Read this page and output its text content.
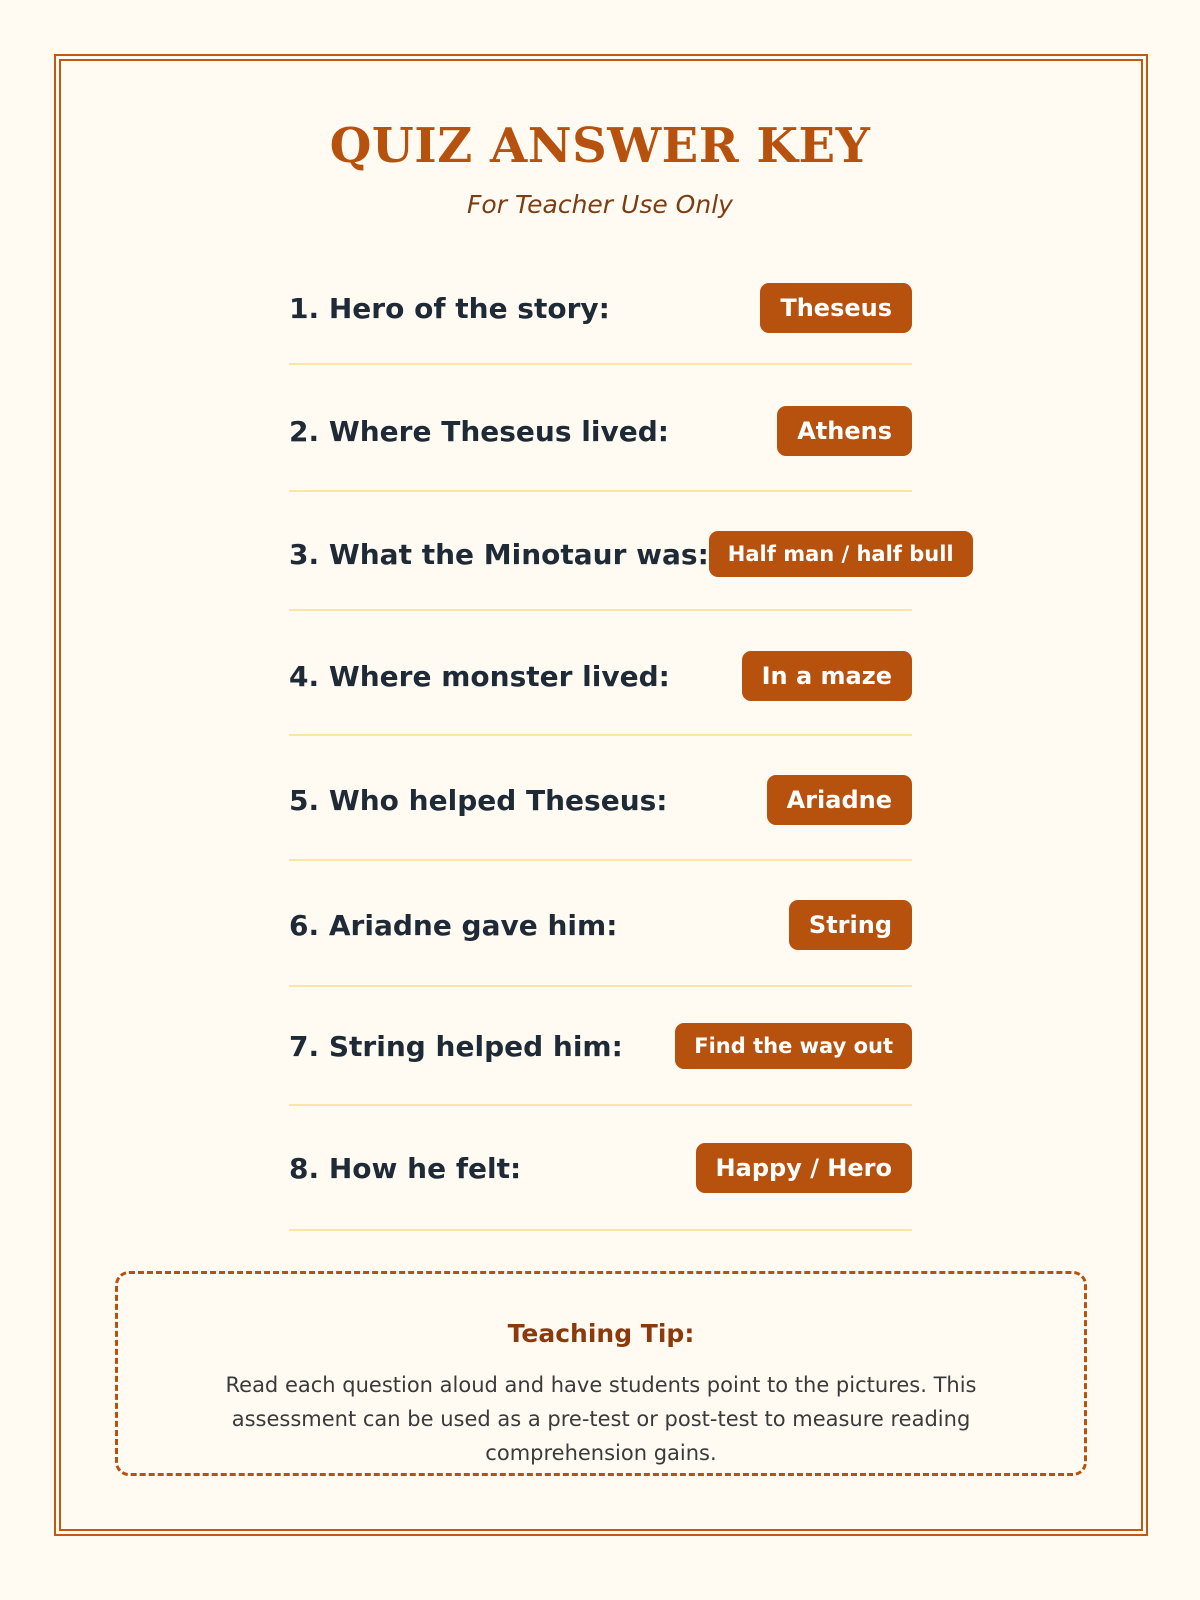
QUIZ ANSWER KEY
For Teacher Use Only
1. Hero of the story:	Theseus
2. Where Theseus lived:	Athens
3. What the Minotaur was: Half man / half bull
4. Where monster lived:	In a maze
5. Who helped Theseus:	Ariadne
6. Ariadne gave him:	String
7. String helped him:	Find the way out
8. How he felt:	Happy / Hero
Teaching Tip:
Read each question aloud and have students point to the pictures. This assessment can be used as a pre-test or post-test to measure reading comprehension gains.
